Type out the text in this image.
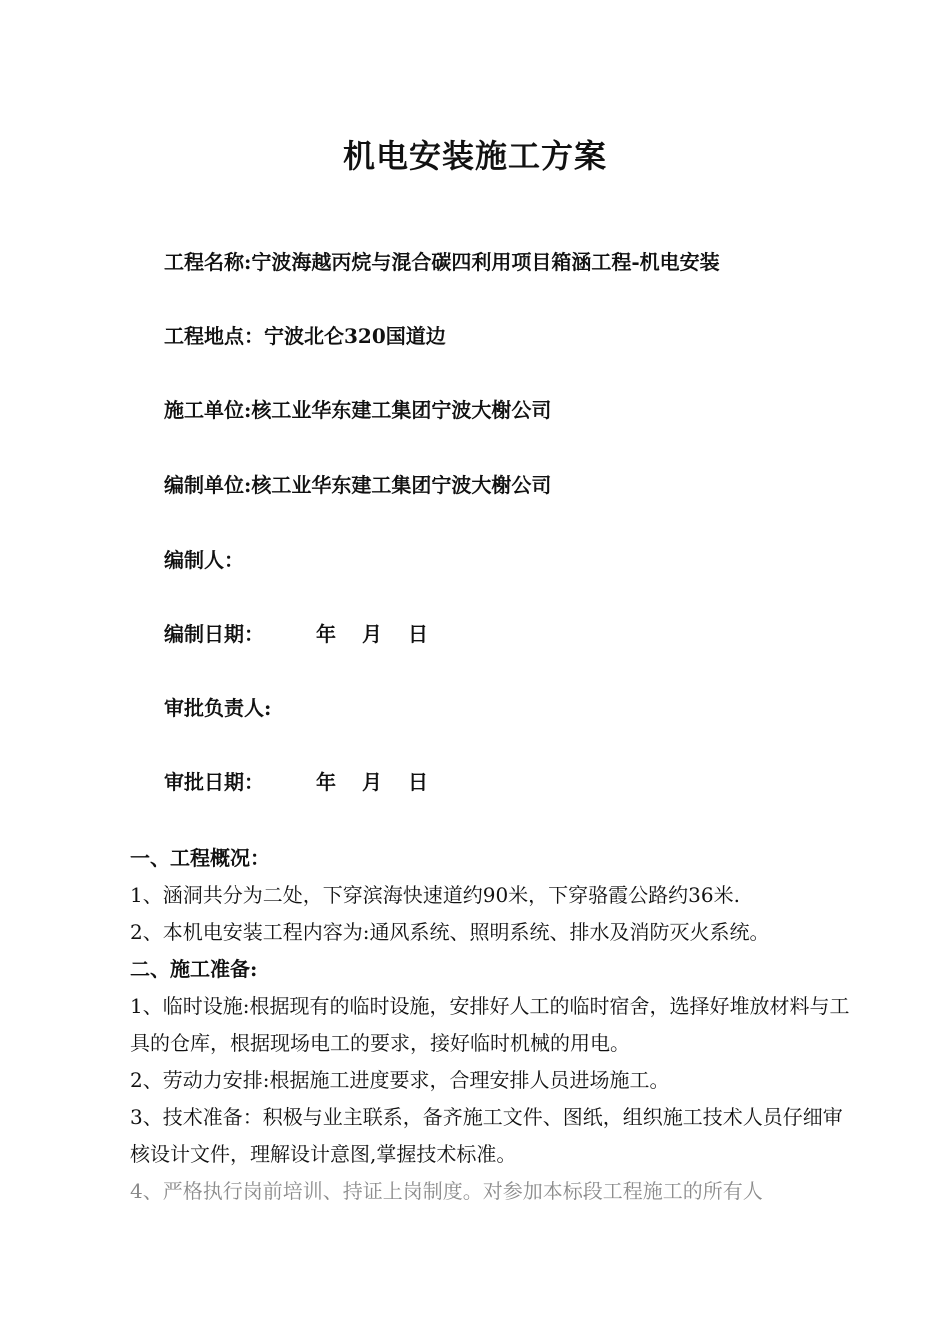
机电安装施工方案
工程名称:宁波海越丙烷与混合碳四利用项目箱涵工程-机电安装
工程地点：宁波北仑320国道边
施工单位:核工业华东建工集团宁波大榭公司
编制单位:核工业华东建工集团宁波大榭公司
编制人：
编制日期：	年 月 日
审批负责人:
审批日期：	年 月 日
一、工程概况：
1、涵洞共分为二处，下穿滨海快速道约90米，下穿骆霞公路约36米.
2、本机电安装工程内容为:通风系统、照明系统、排水及消防灭火系统。
二、施工准备:
1、临时设施:根据现有的临时设施，安排好人工的临时宿舍，选择好堆放材料与工具的仓库，根据现场电工的要求，接好临时机械的用电。
2、劳动力安排:根据施工进度要求，合理安排人员进场施工。
3、技术准备：积极与业主联系，备齐施工文件、图纸，组织施工技术人员仔细审核设计文件，理解设计意图,掌握技术标准。
4、严格执行岗前培训、持证上岗制度。对参加本标段工程施工的所有人
